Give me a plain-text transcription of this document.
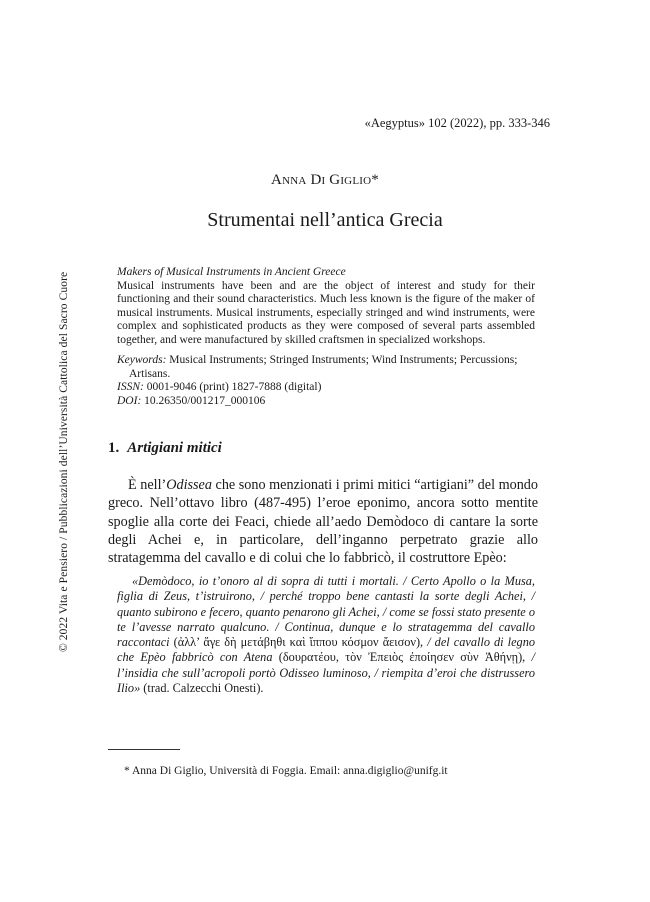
«Aegyptus» 102 (2022), pp. 333-346
Anna Di Giglio*
Strumentai nell’antica Grecia
Makers of Musical Instruments in Ancient Greece
Musical instruments have been and are the object of interest and study for their functioning and their sound characteristics. Much less known is the figure of the maker of musical instruments. Musical instruments, especially stringed and wind instruments, were complex and sophisticated products as they were composed of several parts assembled together, and were manufactured by skilled craftsmen in specialized workshops.
Keywords: Musical Instruments; Stringed Instruments; Wind Instruments; Percussions;
Artisans.
ISSN: 0001-9046 (print) 1827-7888 (digital)
DOI: 10.26350/001217_000106
© 2022 Vita e Pensiero / Pubblicazioni dell’Università Cattolica del Sacro Cuore	1. Artigiani mitici
È nell’Odissea che sono menzionati i primi mitici “artigiani” del mondo greco. Nell’ottavo libro (487-495) l’eroe eponimo, ancora sotto mentite spoglie alla corte dei Feaci, chiede all’aedo Demòdoco di cantare la sorte degli Achei e, in particolare, dell’inganno perpetrato grazie allo stratagemma del cavallo e di colui che lo fabbricò, il costruttore Epèo:
«Demòdoco, io t’onoro al di sopra di tutti i mortali. / Certo Apollo o la Musa, figlia di Zeus, t’istruirono, / perché troppo bene cantasti la sorte degli Achei, / quanto subirono e fecero, quanto penarono gli Achei, / come se fossi stato presente o te l’avesse narrato qualcuno. / Continua, dunque e lo stratagemma del cavallo raccontaci (ἀλλ’ ἄγε δὴ μετάβηθι καὶ ἵππου κόσμον ἄεισον), / del cavallo di legno che Epèo fabbricò con Atena (δουρατέου, τὸν Ἐπειὸς ἐποίησεν σὺν Ἀθήνῃ), / l’insidia che sull’acropoli portò Odisseo luminoso, / riempita d’eroi che distrussero Ilio» (trad. Calzecchi Onesti).
* Anna Di Giglio, Università di Foggia. Email: anna.digiglio@unifg.it
